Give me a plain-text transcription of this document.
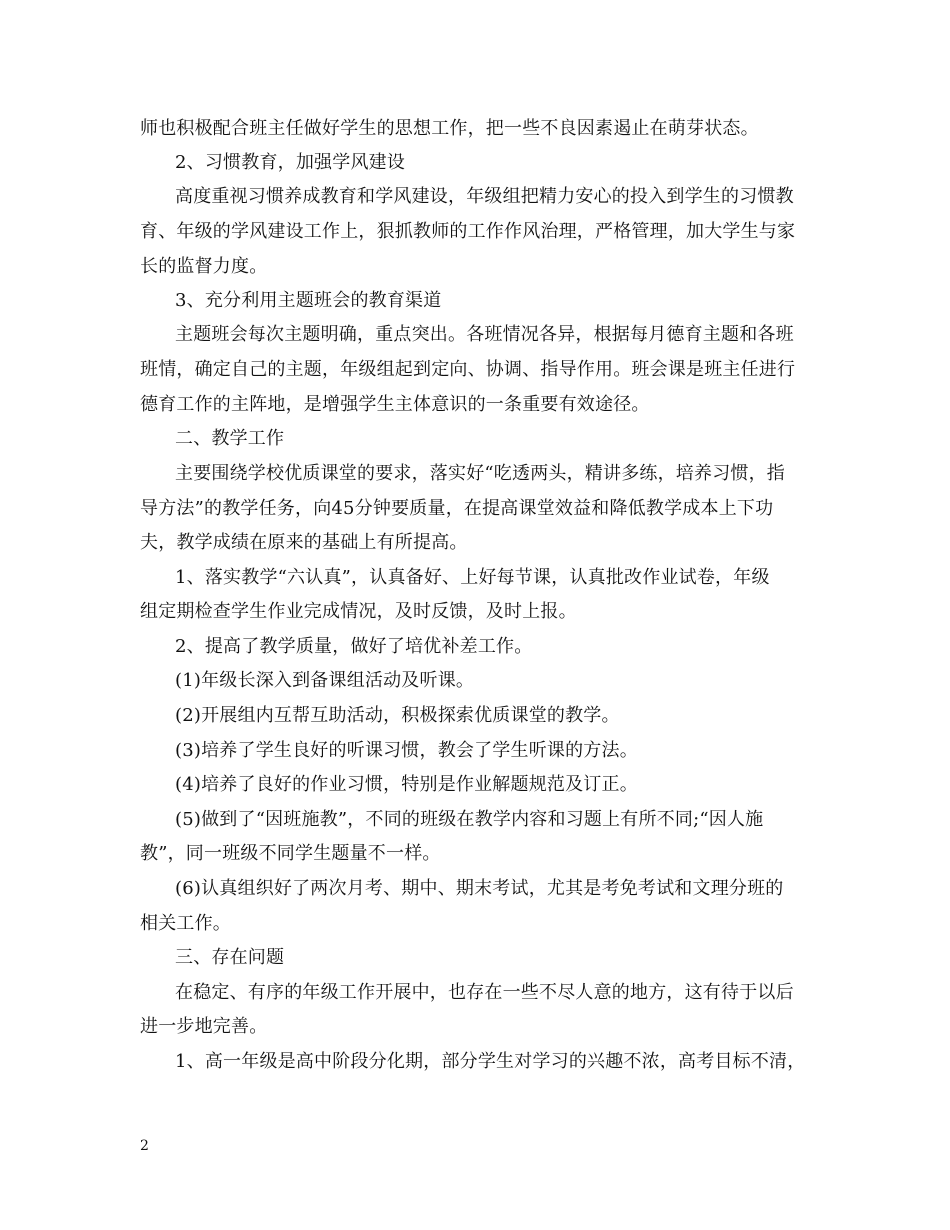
师也积极配合班主任做好学生的思想工作，把一些不良因素遏止在萌芽状态。
2、习惯教育，加强学风建设
高度重视习惯养成教育和学风建设，年级组把精力安心的投入到学生的习惯教
育、年级的学风建设工作上，狠抓教师的工作作风治理，严格管理，加大学生与家
长的监督力度。
3、充分利用主题班会的教育渠道
主题班会每次主题明确，重点突出。各班情况各异，根据每月德育主题和各班
班情，确定自己的主题，年级组起到定向、协调、指导作用。班会课是班主任进行
德育工作的主阵地，是增强学生主体意识的一条重要有效途径。
二、教学工作
主要围绕学校优质课堂的要求，落实好“吃透两头，精讲多练，培养习惯，指
导方法”的教学任务，向45分钟要质量，在提高课堂效益和降低教学成本上下功
夫，教学成绩在原来的基础上有所提高。
1、落实教学“六认真”，认真备好、上好每节课，认真批改作业试卷，年级
组定期检查学生作业完成情况，及时反馈，及时上报。
2、提高了教学质量，做好了培优补差工作。
(1)年级长深入到备课组活动及听课。
(2)开展组内互帮互助活动，积极探索优质课堂的教学。
(3)培养了学生良好的听课习惯，教会了学生听课的方法。
(4)培养了良好的作业习惯，特别是作业解题规范及订正。
(5)做到了“因班施教”，不同的班级在教学内容和习题上有所不同;“因人施
教”，同一班级不同学生题量不一样。
(6)认真组织好了两次月考、期中、期末考试，尤其是考免考试和文理分班的
相关工作。
三、存在问题
在稳定、有序的年级工作开展中，也存在一些不尽人意的地方，这有待于以后
进一步地完善。
1、高一年级是高中阶段分化期，部分学生对学习的兴趣不浓，高考目标不清，
2
